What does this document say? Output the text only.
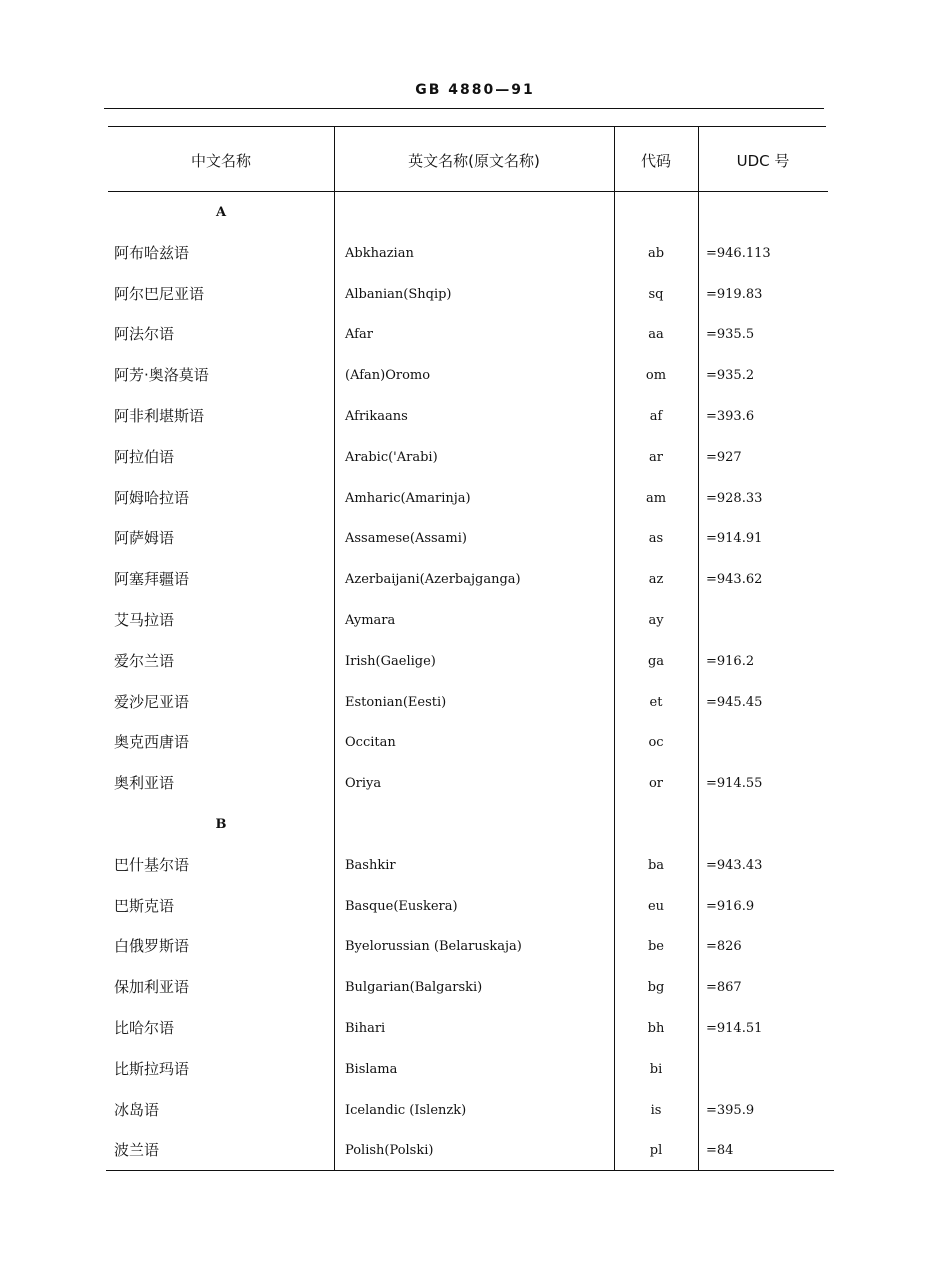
GB 4880—91
中文名称	英文名称(原文名称)	代码	UDC 号
A
阿布哈兹语	Abkhazian	ab	=946.113
阿尔巴尼亚语	Albanian(Shqip)	sq	=919.83
阿法尔语	Afar	aa	=935.5
阿芳·奥洛莫语	(Afan)Oromo	om	=935.2
阿非利堪斯语	Afrikaans	af	=393.6
阿拉伯语	Arabic('Arabi)	ar	=927
阿姆哈拉语	Amharic(Amarinja)	am	=928.33
阿萨姆语	Assamese(Assami)	as	=914.91
阿塞拜疆语	Azerbaijani(Azerbajganga)	az	=943.62
艾马拉语	Aymara	ay
爱尔兰语	Irish(Gaelige)	ga	=916.2
爱沙尼亚语	Estonian(Eesti)	et	=945.45
奥克西唐语	Occitan	oc
奥利亚语	Oriya	or	=914.55
B
巴什基尔语	Bashkir	ba	=943.43
巴斯克语	Basque(Euskera)	eu	=916.9
白俄罗斯语	Byelorussian (Belaruskaja)	be	=826
保加利亚语	Bulgarian(Balgarski)	bg	=867
比哈尔语	Bihari	bh	=914.51
比斯拉玛语	Bislama	bi
冰岛语	Icelandic (Islenzk)	is	=395.9
波兰语	Polish(Polski)	pl	=84
